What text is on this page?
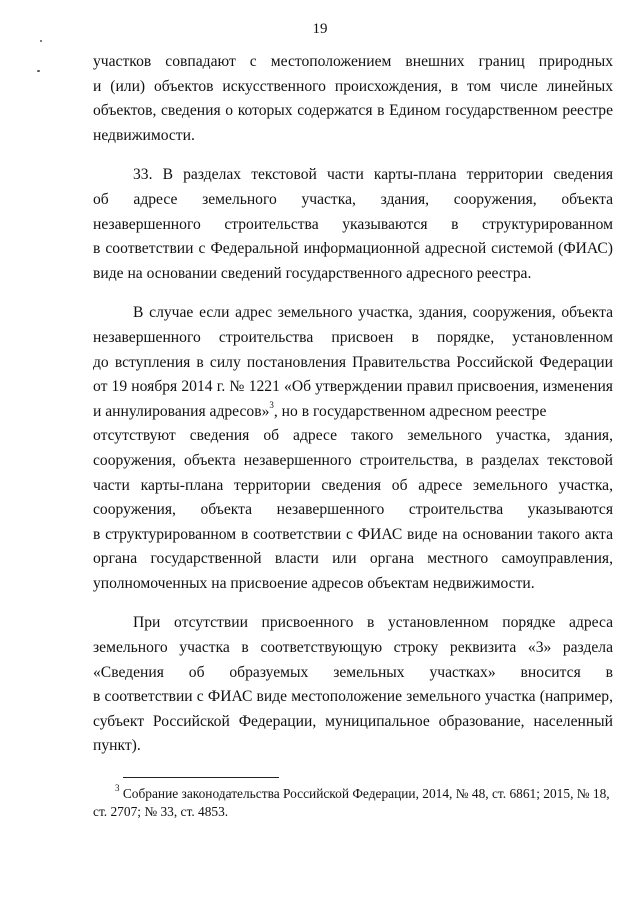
19
участков совпадают с местоположением внешних границ природных
и (или) объектов искусственного происхождения, в том числе линейных
объектов, сведения о которых содержатся в Едином государственном реестре
недвижимости.
33. В разделах текстовой части карты-плана территории сведения
об адресе земельного участка, здания, сооружения, объекта
незавершенного строительства указываются в структурированном
в соответствии с Федеральной информационной адресной системой (ФИАС)
виде на основании сведений государственного адресного реестра.
В случае если адрес земельного участка, здания, сооружения, объекта
незавершенного строительства присвоен в порядке, установленном
до вступления в силу постановления Правительства Российской Федерации
от 19 ноября 2014 г. № 1221 «Об утверждении правил присвоения, изменения
и аннулирования адресов»$^3$, но в государственном адресном реестре
отсутствуют сведения об адресе такого земельного участка, здания,
сооружения, объекта незавершенного строительства, в разделах текстовой
части карты-плана территории сведения об адресе земельного участка,
сооружения, объекта незавершенного строительства указываются
в структурированном в соответствии с ФИАС виде на основании такого акта
органа государственной власти или органа местного самоуправления,
уполномоченных на присвоение адресов объектам недвижимости.
При отсутствии присвоенного в установленном порядке адреса
земельного участка в соответствующую строку реквизита «3» раздела
«Сведения об образуемых земельных участках» вносится в
в соответствии с ФИАС виде местоположение земельного участка (например,
субъект Российской Федерации, муниципальное образование, населенный
пункт).
$^3$ Собрание законодательства Российской Федерации, 2014, № 48, ст. 6861; 2015, № 18,
ст. 2707; № 33, ст. 4853.
